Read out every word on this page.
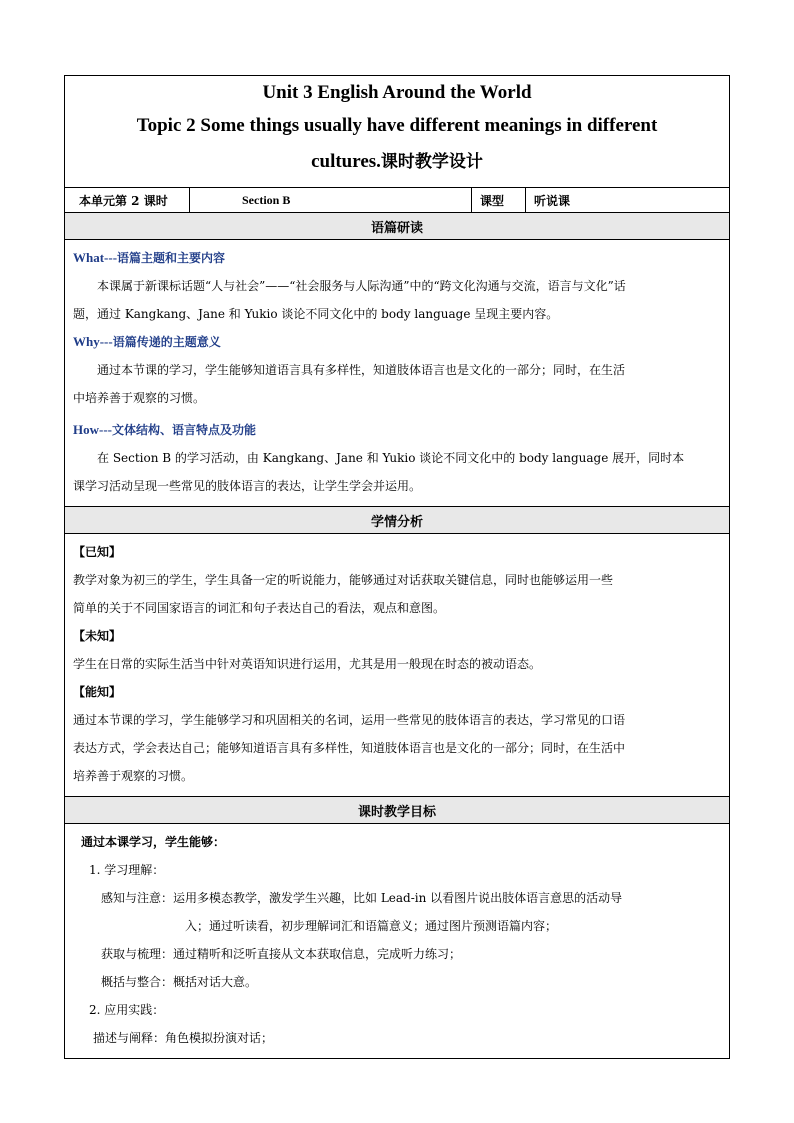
Unit 3 English Around the World
Topic 2 Some things usually have different meanings in different
cultures.课时教学设计

本单元第 2 课时	Section B	课型	听说课
语篇研读

What---语篇主题和主要内容

本课属于新课标话题“人与社会”——“社会服务与人际沟通”中的“跨文化沟通与交流，语言与文化”话

题，通过 Kangkang、Jane 和 Yukio 谈论不同文化中的 body language 呈现主要内容。

Why---语篇传递的主题意义

通过本节课的学习，学生能够知道语言具有多样性，知道肢体语言也是文化的一部分；同时，在生活

中培养善于观察的习惯。

How---文体结构、语言特点及功能

在 Section B 的学习活动，由 Kangkang、Jane 和 Yukio 谈论不同文化中的 body language 展开，同时本

课学习活动呈现一些常见的肢体语言的表达，让学生学会并运用。

学情分析

【已知】

教学对象为初三的学生，学生具备一定的听说能力，能够通过对话获取关键信息，同时也能够运用一些

简单的关于不同国家语言的词汇和句子表达自己的看法，观点和意图。

【未知】

学生在日常的实际生活当中针对英语知识进行运用，尤其是用一般现在时态的被动语态。

【能知】

通过本节课的学习，学生能够学习和巩固相关的名词，运用一些常见的肢体语言的表达，学习常见的口语

表达方式，学会表达自己；能够知道语言具有多样性，知道肢体语言也是文化的一部分；同时，在生活中

培养善于观察的习惯。

课时教学目标

通过本课学习，学生能够：

1. 学习理解：

感知与注意：运用多模态教学，激发学生兴趣，比如 Lead-in 以看图片说出肢体语言意思的活动导

入；通过听读看，初步理解词汇和语篇意义；通过图片预测语篇内容；

获取与梳理：通过精听和泛听直接从文本获取信息，完成听力练习；

概括与整合：概括对话大意。

2. 应用实践：

描述与阐释：角色模拟扮演对话；
